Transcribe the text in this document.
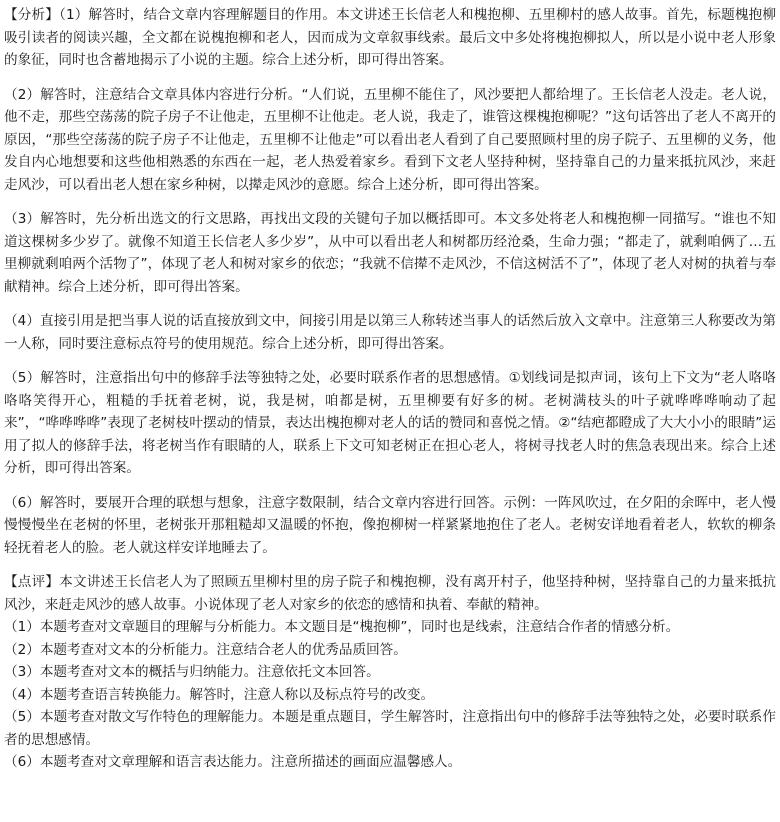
【分析】（1）解答时，结合文章内容理解题目的作用。本文讲述王长信老人和槐抱柳、五里柳村的感人故事。首先，标题槐抱柳吸引读者的阅读兴趣，全文都在说槐抱柳和老人，因而成为文章叙事线索。最后文中多处将槐抱柳拟人，所以是小说中老人形象的象征，同时也含蓄地揭示了小说的主题。综合上述分析，即可得出答案。

（2）解答时，注意结合文章具体内容进行分析。“人们说，五里柳不能住了，风沙要把人都给埋了。王长信老人没走。老人说，他不走，那些空荡荡的院子房子不让他走，五里柳不让他走。老人说，我走了，谁管这棵槐抱柳呢？”这句话答出了老人不离开的原因，“那些空荡荡的院子房子不让他走，五里柳不让他走”可以看出老人看到了自己要照顾村里的房子院子、五里柳的义务，他发自内心地想要和这些他相熟悉的东西在一起，老人热爱着家乡。看到下文老人坚持种树，坚持靠自己的力量来抵抗风沙，来赶走风沙，可以看出老人想在家乡种树，以撵走风沙的意愿。综合上述分析，即可得出答案。

（3）解答时，先分析出选文的行文思路，再找出文段的关键句子加以概括即可。本文多处将老人和槐抱柳一同描写。“谁也不知道这棵树多少岁了。就像不知道王长信老人多少岁”，从中可以看出老人和树都历经沧桑，生命力强；“都走了，就剩咱俩了…五里柳就剩咱两个活物了”，体现了老人和树对家乡的依恋；“我就不信撵不走风沙，不信这树活不了”，体现了老人对树的执着与奉献精神。综合上述分析，即可得出答案。

（4）直接引用是把当事人说的话直接放到文中，间接引用是以第三人称转述当事人的话然后放入文章中。注意第三人称要改为第一人称，同时要注意标点符号的使用规范。综合上述分析，即可得出答案。

（5）解答时，注意指出句中的修辞手法等独特之处，必要时联系作者的思想感情。①划线词是拟声词，该句上下文为“老人咯咯咯咯笑得开心，粗糙的手抚着老树，说，我是树，咱都是树，五里柳要有好多的树。老树满枝头的叶子就哗哗哗响动了起来”，“哗哗哗哗”表现了老树枝叶摆动的情景，表达出槐抱柳对老人的话的赞同和喜悦之情。②“结疤都瞪成了大大小小的眼睛”运用了拟人的修辞手法，将老树当作有眼睛的人，联系上下文可知老树正在担心老人，将树寻找老人时的焦急表现出来。综合上述分析，即可得出答案。

（6）解答时，要展开合理的联想与想象，注意字数限制，结合文章内容进行回答。示例：一阵风吹过，在夕阳的余晖中，老人慢慢慢慢坐在老树的怀里，老树张开那粗糙却又温暖的怀抱，像抱柳树一样紧紧地抱住了老人。老树安详地看着老人，软软的柳条轻抚着老人的脸。老人就这样安详地睡去了。

【点评】本文讲述王长信老人为了照顾五里柳村里的房子院子和槐抱柳，没有离开村子，他坚持种树，坚持靠自己的力量来抵抗风沙，来赶走风沙的感人故事。小说体现了老人对家乡的依恋的感情和执着、奉献的精神。

（1）本题考查对文章题目的理解与分析能力。本文题目是“槐抱柳”，同时也是线索，注意结合作者的情感分析。

（2）本题考查对文本的分析能力。注意结合老人的优秀品质回答。

（3）本题考查对文本的概括与归纳能力。注意依托文本回答。

（4）本题考查语言转换能力。解答时，注意人称以及标点符号的改变。

（5）本题考查对散文写作特色的理解能力。本题是重点题目，学生解答时，注意指出句中的修辞手法等独特之处，必要时联系作者的思想感情。

（6）本题考查对文章理解和语言表达能力。注意所描述的画面应温馨感人。
